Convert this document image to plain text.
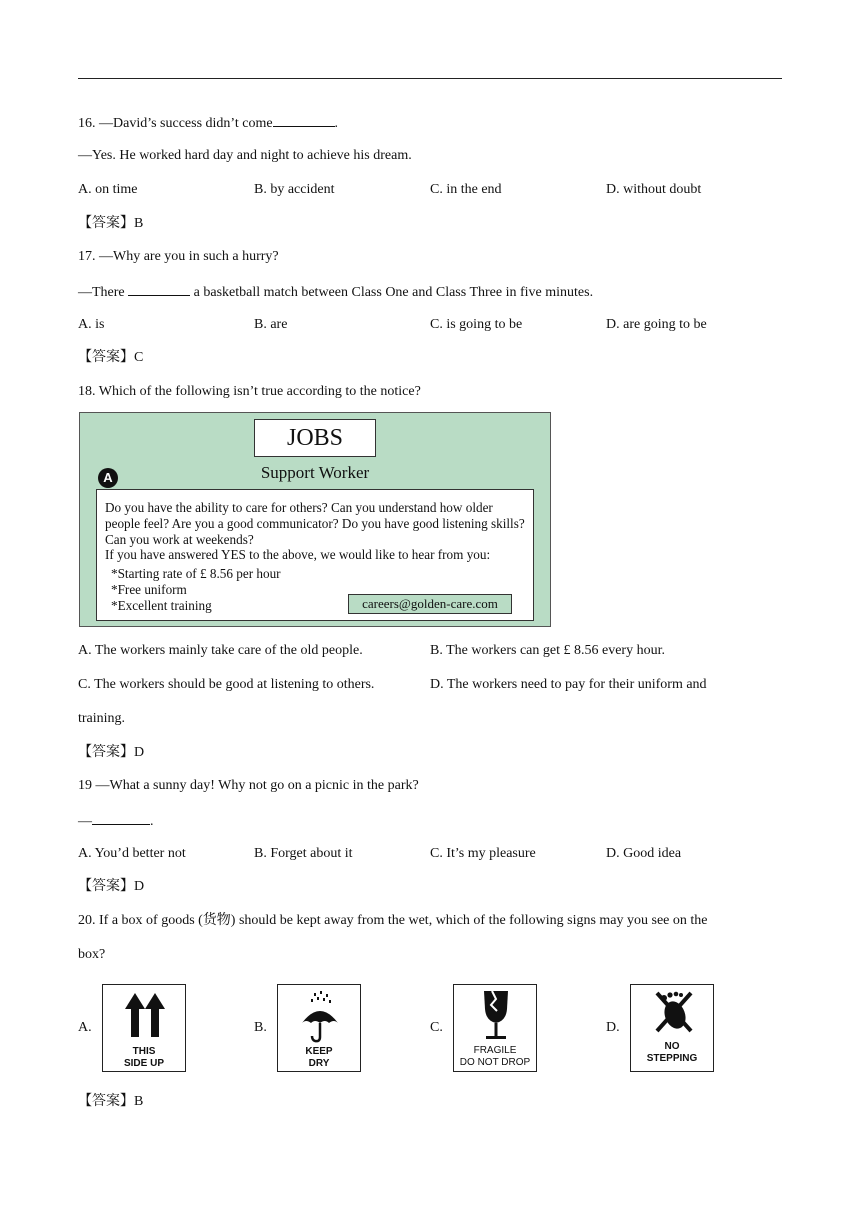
16. —David’s success didn’t come	.
—Yes. He worked hard day and night to achieve his dream.
A. on time	B. by accident	C. in the end	D. without doubt
【答案】B
17. —Why are you in such a hurry?
—There	a basketball match between Class One and Class Three in five minutes.
A. is	B. are	C. is going to be	D. are going to be
【答案】C
18. Which of the following isn’t true according to the notice?
JOBS
Support Worker
A
Do you have the ability to care for others? Can you understand how older people feel? Are you a good communicator? Do you have good listening skills? Can you work at weekends?
If you have answered YES to the above, we would like to hear from you:
*Starting rate of £ 8.56 per hour
*Free uniform
*Excellent training	careers@golden-care.com
A. The workers mainly take care of the old people.	B. The workers can get £ 8.56 every hour.
C. The workers should be good at listening to others.	D. The workers need to pay for their uniform and
training.
【答案】D
19 —What a sunny day! Why not go on a picnic in the park?
—	.
A. You’d better not	B. Forget about it	C. It’s my pleasure	D. Good idea
【答案】D
20. If a box of goods (货物) should be kept away from the wet, which of the following signs may you see on the
box?
A.	B.	C.	D.
THIS
SIDE UP
KEEP
DRY
FRAGILE
DO NOT DROP
NO
STEPPING
【答案】B
